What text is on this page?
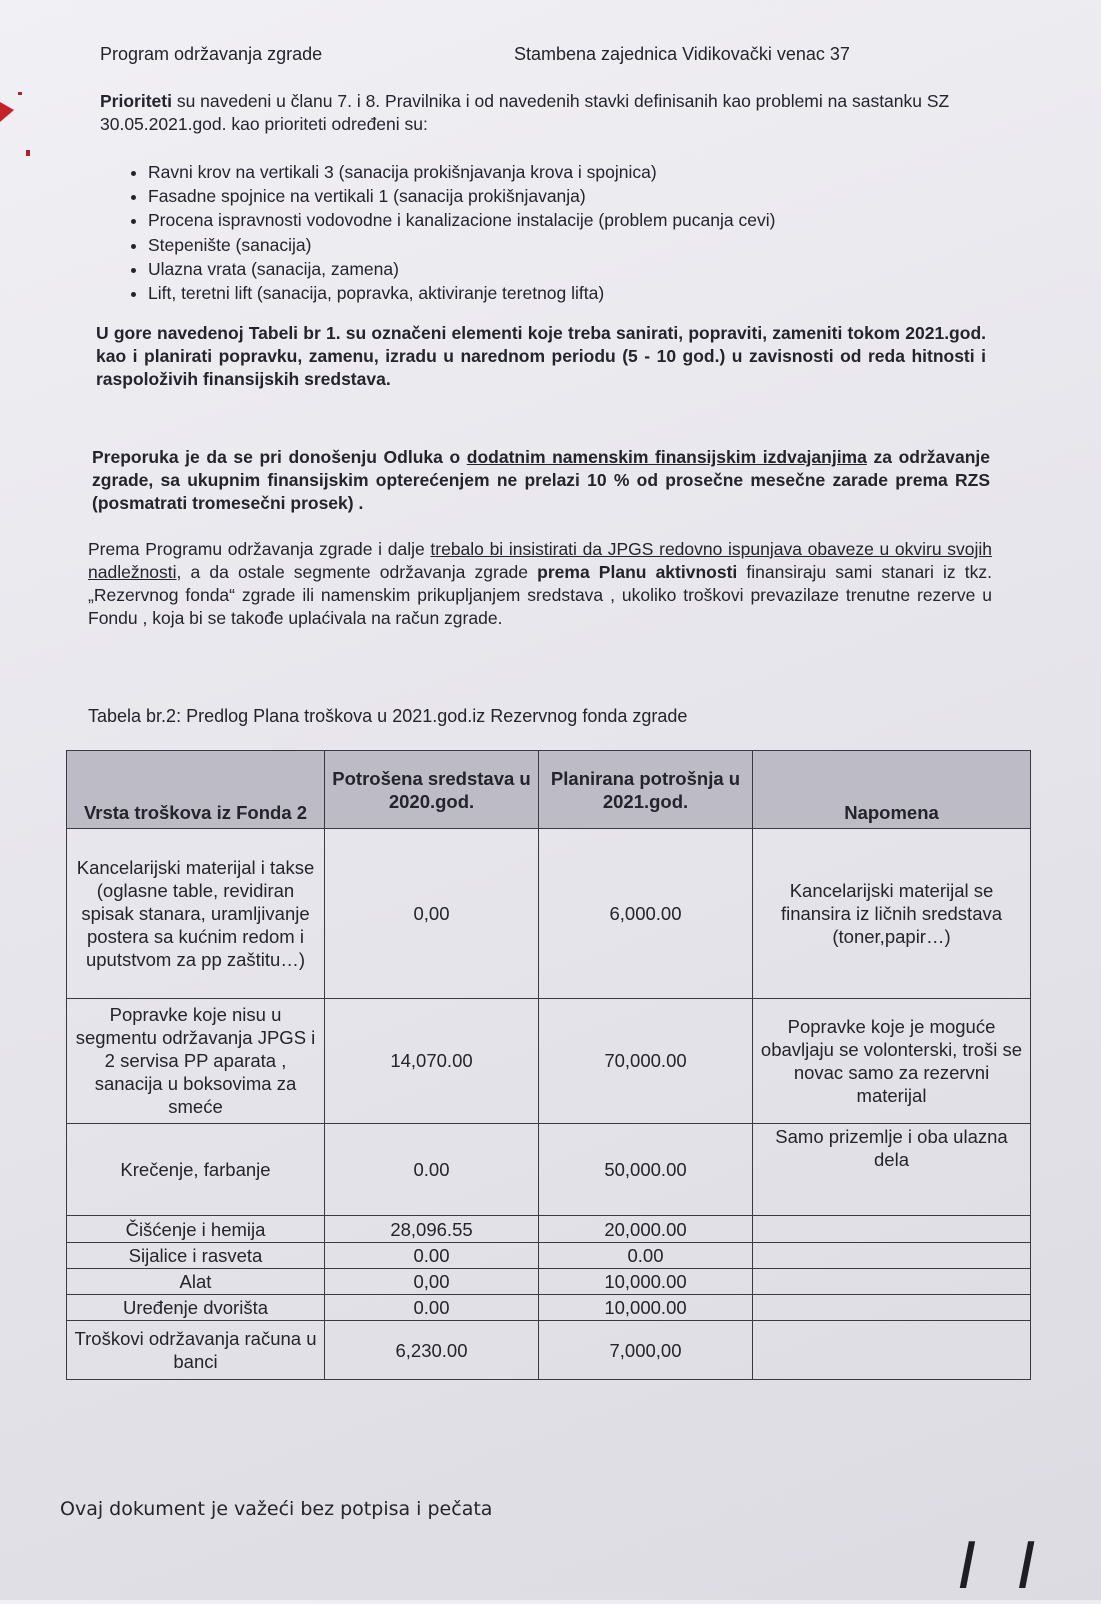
Program održavanja zgrade	Stambena zajednica Vidikovački venac 37
Prioriteti su navedeni u članu 7. i 8. Pravilnika i od navedenih stavki definisanih kao problemi na sastanku SZ 30.05.2021.god. kao prioriteti određeni su:
• Ravni krov na vertikali 3 (sanacija prokišnjavanja krova i spojnica)
• Fasadne spojnice na vertikali 1 (sanacija prokišnjavanja)
• Procena ispravnosti vodovodne i kanalizacione instalacije (problem pucanja cevi)
• Stepenište (sanacija)
• Ulazna vrata (sanacija, zamena)
• Lift, teretni lift (sanacija, popravka, aktiviranje teretnog lifta)
U gore navedenoj Tabeli br 1. su označeni elementi koje treba sanirati, popraviti, zameniti tokom 2021.god. kao i planirati popravku, zamenu, izradu u narednom periodu (5 - 10 god.) u zavisnosti od reda hitnosti i raspoloživih finansijskih sredstava.
Preporuka je da se pri donošenju Odluka o dodatnim namenskim finansijskim izdvajanjima za održavanje zgrade, sa ukupnim finansijskim opterećenjem ne prelazi 10 % od prosečne mesečne zarade prema RZS (posmatrati tromesečni prosek) .
Prema Programu održavanja zgrade i dalje trebalo bi insistirati da JPGS redovno ispunjava obaveze u okviru svojih nadležnosti, a da ostale segmente održavanja zgrade prema Planu aktivnosti finansiraju sami stanari iz tkz. „Rezervnog fonda“ zgrade ili namenskim prikupljanjem sredstava , ukoliko troškovi prevazilaze trenutne rezerve u Fondu , koja bi se takođe uplaćivala na račun zgrade.
Tabela br.2: Predlog Plana troškova u 2021.god.iz Rezervnog fonda zgrade
Vrsta troškova iz Fonda 2	Potrošena sredstava u 2020.god.	Planirana potrošnja u 2021.god.	Napomena
Kancelarijski materijal i takse (oglasne table, revidiran spisak stanara, uramljivanje postera sa kućnim redom i uputstvom za pp zaštitu…)	0,00	6,000.00	Kancelarijski materijal se finansira iz ličnih sredstava (toner,papir…)
Popravke koje nisu u segmentu održavanja JPGS i 2 servisa PP aparata , sanacija u boksovima za smeće	14,070.00	70,000.00	Popravke koje je moguće obavljaju se volonterski, troši se novac samo za rezervni materijal
Krečenje, farbanje	0.00	50,000.00	Samo prizemlje i oba ulazna dela
Čišćenje i hemija	28,096.55	20,000.00	
Sijalice i rasveta	0.00	0.00	
Alat	0,00	10,000.00	
Uređenje dvorišta	0.00	10,000.00	
Troškovi održavanja računa u banci	6,230.00	7,000,00	
Ovaj dokument je važeći bez potpisa i pečata
I I
